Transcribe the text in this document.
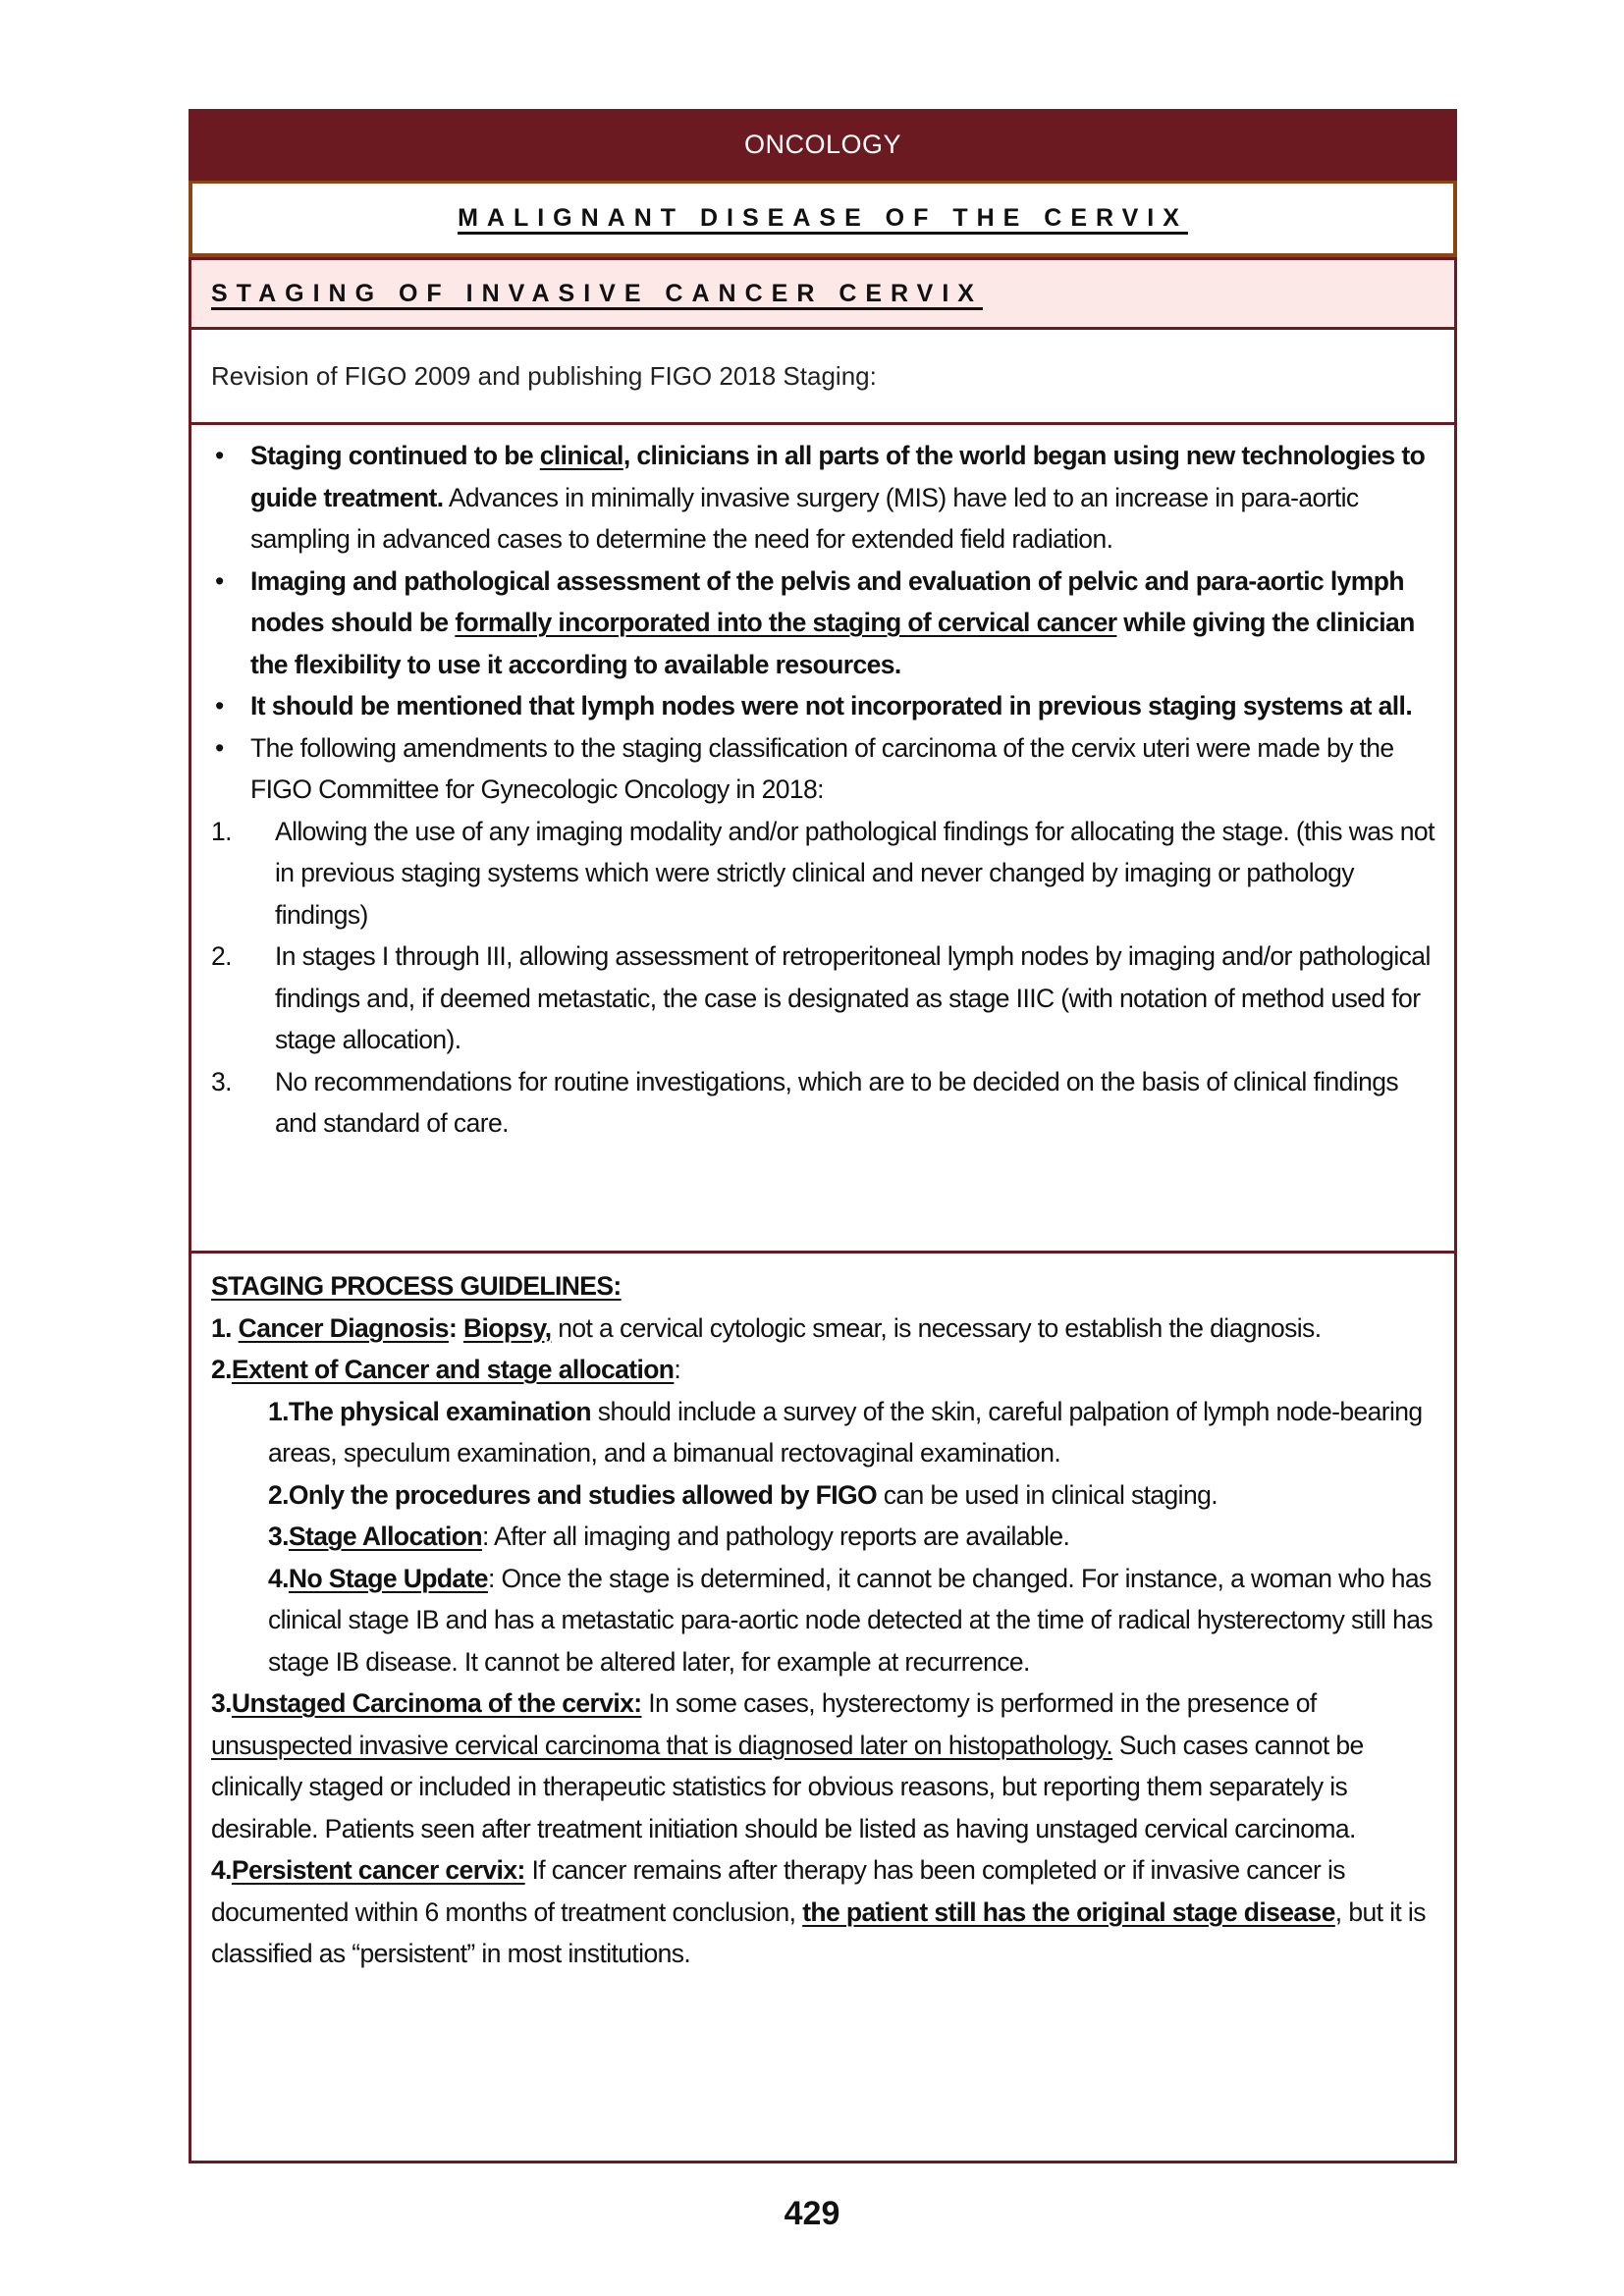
ONCOLOGY
MALIGNANT DISEASE OF THE CERVIX
STAGING OF INVASIVE CANCER CERVIX
Revision of FIGO 2009 and publishing FIGO 2018 Staging:
• Staging continued to be clinical, clinicians in all parts of the world began using new technologies to guide treatment. Advances in minimally invasive surgery (MIS) have led to an increase in para-aortic sampling in advanced cases to determine the need for extended field radiation.
• Imaging and pathological assessment of the pelvis and evaluation of pelvic and para-aortic lymph nodes should be formally incorporated into the staging of cervical cancer while giving the clinician the flexibility to use it according to available resources.
• It should be mentioned that lymph nodes were not incorporated in previous staging systems at all.
• The following amendments to the staging classification of carcinoma of the cervix uteri were made by the FIGO Committee for Gynecologic Oncology in 2018:
1. Allowing the use of any imaging modality and/or pathological findings for allocating the stage. (this was not in previous staging systems which were strictly clinical and never changed by imaging or pathology findings)
2. In stages I through III, allowing assessment of retroperitoneal lymph nodes by imaging and/or pathological findings and, if deemed metastatic, the case is designated as stage IIIC (with notation of method used for stage allocation).
3. No recommendations for routine investigations, which are to be decided on the basis of clinical findings and standard of care.
STAGING PROCESS GUIDELINES:
1. Cancer Diagnosis: Biopsy, not a cervical cytologic smear, is necessary to establish the diagnosis.
2.Extent of Cancer and stage allocation:
1.The physical examination should include a survey of the skin, careful palpation of lymph node-bearing areas, speculum examination, and a bimanual rectovaginal examination.
2.Only the procedures and studies allowed by FIGO can be used in clinical staging.
3.Stage Allocation: After all imaging and pathology reports are available.
4.No Stage Update: Once the stage is determined, it cannot be changed. For instance, a woman who has clinical stage IB and has a metastatic para-aortic node detected at the time of radical hysterectomy still has stage IB disease. It cannot be altered later, for example at recurrence.
3.Unstaged Carcinoma of the cervix: In some cases, hysterectomy is performed in the presence of unsuspected invasive cervical carcinoma that is diagnosed later on histopathology. Such cases cannot be clinically staged or included in therapeutic statistics for obvious reasons, but reporting them separately is desirable. Patients seen after treatment initiation should be listed as having unstaged cervical carcinoma.
4.Persistent cancer cervix: If cancer remains after therapy has been completed or if invasive cancer is documented within 6 months of treatment conclusion, the patient still has the original stage disease, but it is classified as “persistent” in most institutions.
429
